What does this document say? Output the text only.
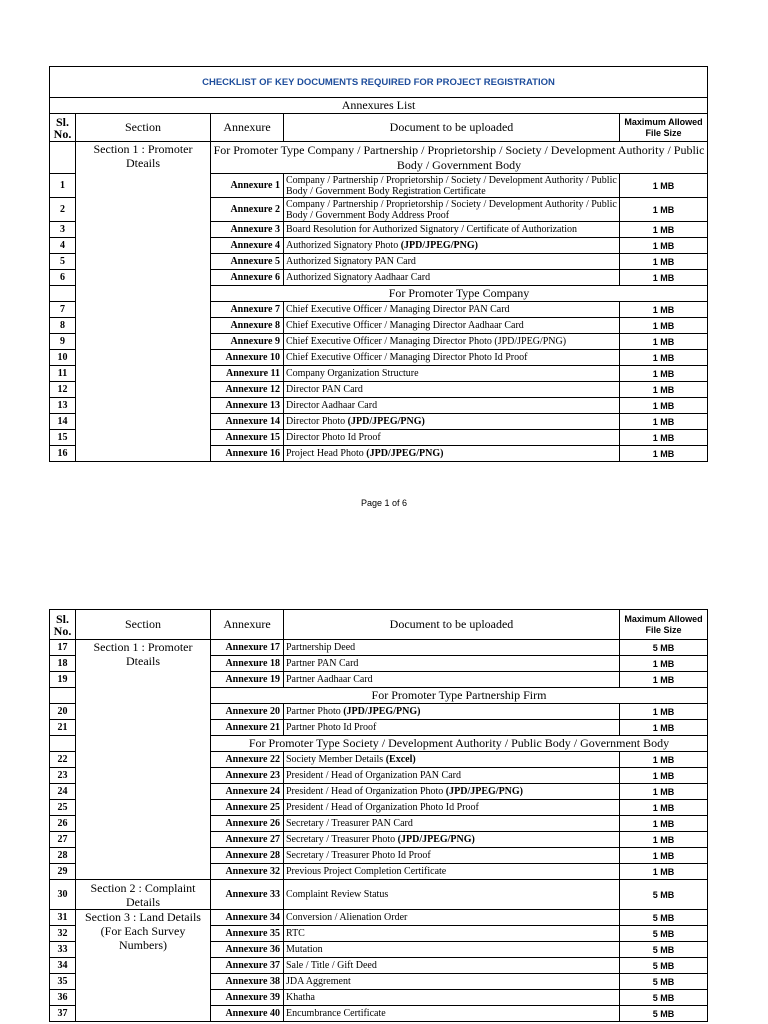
CHECKLIST OF KEY DOCUMENTS REQUIRED FOR PROJECT REGISTRATION				
Annexures List				
Sl. No.	Section	Annexure	Document to be uploaded	Maximum Allowed File Size
	Section 1 : Promoter Dteails	For Promoter Type Company / Partnership / Proprietorship / Society / Development Authority / Public Body / Government Body		
1		Annexure 1	Company / Partnership / Proprietorship / Society / Development Authority / Public Body / Government Body Registration Certificate	1 MB
2		Annexure 2	Company / Partnership / Proprietorship / Society / Development Authority / Public Body / Government Body Address Proof	1 MB
3		Annexure 3	Board Resolution for Authorized Signatory / Certificate of Authorization	1 MB
4		Annexure 4	Authorized Signatory Photo (JPD/JPEG/PNG)	1 MB
5		Annexure 5	Authorized Signatory PAN Card	1 MB
6		Annexure 6	Authorized Signatory Aadhaar Card	1 MB
		For Promoter Type Company		
7		Annexure 7	Chief Executive Officer / Managing Director PAN Card	1 MB
8		Annexure 8	Chief Executive Officer / Managing Director Aadhaar Card	1 MB
9		Annexure 9	Chief Executive Officer / Managing Director Photo (JPD/JPEG/PNG)	1 MB
10		Annexure 10	Chief Executive Officer / Managing Director Photo Id Proof	1 MB
11		Annexure 11	Company Organization Structure	1 MB
12		Annexure 12	Director PAN Card	1 MB
13		Annexure 13	Director Aadhaar Card	1 MB
14		Annexure 14	Director Photo (JPD/JPEG/PNG)	1 MB
15		Annexure 15	Director Photo Id Proof	1 MB
16		Annexure 16	Project Head Photo (JPD/JPEG/PNG)	1 MB
Page 1 of 6
Sl. No.	Section	Annexure	Document to be uploaded	Maximum Allowed File Size
17	Section 1 : Promoter Dteails	Annexure 17	Partnership Deed	5 MB
18		Annexure 18	Partner PAN Card	1 MB
19		Annexure 19	Partner Aadhaar Card	1 MB
		For Promoter Type Partnership Firm		
20		Annexure 20	Partner Photo (JPD/JPEG/PNG)	1 MB
21		Annexure 21	Partner Photo Id Proof	1 MB
		For Promoter Type Society / Development Authority / Public Body / Government Body		
22		Annexure 22	Society Member Details (Excel)	1 MB
23		Annexure 23	President / Head of Organization PAN Card	1 MB
24		Annexure 24	President / Head of Organization Photo (JPD/JPEG/PNG)	1 MB
25		Annexure 25	President / Head of Organization Photo Id Proof	1 MB
26		Annexure 26	Secretary / Treasurer PAN Card	1 MB
27		Annexure 27	Secretary / Treasurer Photo (JPD/JPEG/PNG)	1 MB
28		Annexure 28	Secretary / Treasurer Photo Id Proof	1 MB
29		Annexure 32	Previous Project Completion Certificate	1 MB
30	Section 2 : Complaint Details	Annexure 33	Complaint Review Status	5 MB
31	Section 3 : Land Details (For Each Survey Numbers)	Annexure 34	Conversion / Alienation Order	5 MB
32		Annexure 35	RTC	5 MB
33		Annexure 36	Mutation	5 MB
34		Annexure 37	Sale / Title / Gift Deed	5 MB
35		Annexure 38	JDA Aggrement	5 MB
36		Annexure 39	Khatha	5 MB
37		Annexure 40	Encumbrance Certificate	5 MB
